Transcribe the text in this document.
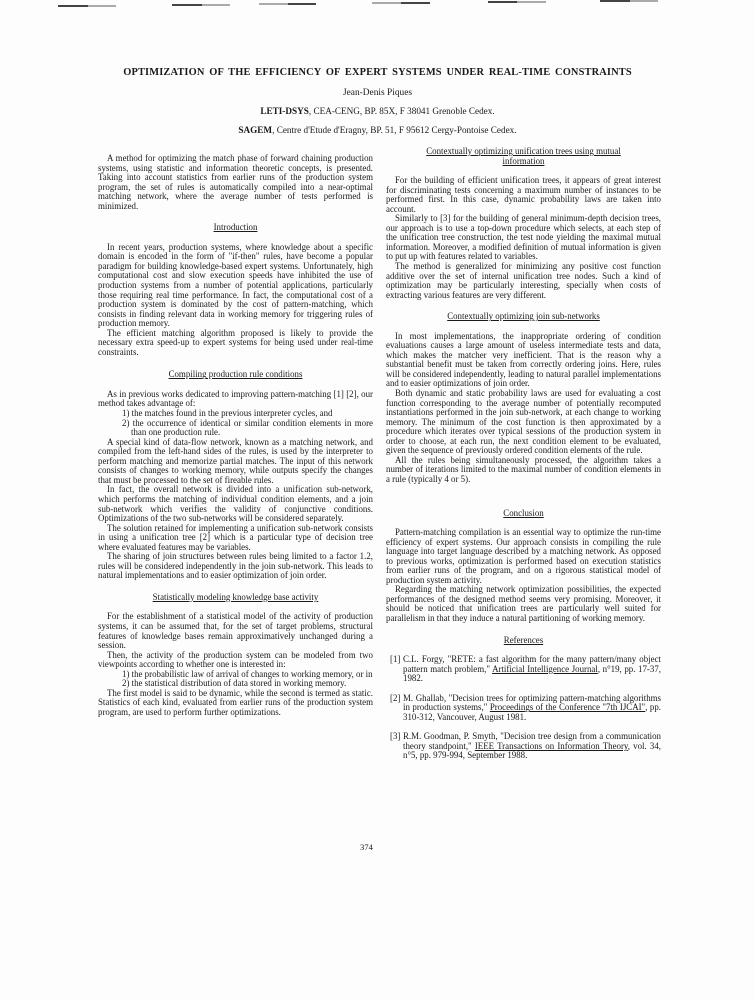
OPTIMIZATION OF THE EFFICIENCY OF EXPERT SYSTEMS UNDER REAL-TIME CONSTRAINTS
Jean-Denis Piques
LETI-DSYS, CEA-CENG, BP. 85X, F 38041 Grenoble Cedex.
SAGEM, Centre d'Etude d'Eragny, BP. 51, F 95612 Cergy-Pontoise Cedex.

A method for optimizing the match phase of forward chaining production systems, using statistic and information theoretic concepts, is presented. Taking into account statistics from earlier runs of the production system program, the set of rules is automatically compiled into a near-optimal matching network, where the average number of tests performed is minimized.

Introduction

In recent years, production systems, where knowledge about a specific domain is encoded in the form of "if-then" rules, have become a popular paradigm for building knowledge-based expert systems. Unfortunately, high computational cost and slow execution speeds have inhibited the use of production systems from a number of potential applications, particularly those requiring real time performance. In fact, the computational cost of a production system is dominated by the cost of pattern-matching, which consists in finding relevant data in working memory for triggering rules of production memory.

The efficient matching algorithm proposed is likely to provide the necessary extra speed-up to expert systems for being used under real-time constraints.

Compiling production rule conditions

As in previous works dedicated to improving pattern-matching [1] [2], our method takes advantage of:

1) the matches found in the previous interpreter cycles, and

2) the occurrence of identical or similar condition elements in more than one production rule.

A special kind of data-flow network, known as a matching network, and compiled from the left-hand sides of the rules, is used by the interpreter to perform matching and memorize partial matches. The input of this network consists of changes to working memory, while outputs specify the changes that must be processed to the set of fireable rules.

In fact, the overall network is divided into a unification sub-network, which performs the matching of individual condition elements, and a join sub-network which verifies the validity of conjunctive conditions. Optimizations of the two sub-networks will be considered separately.

The solution retained for implementing a unification sub-network consists in using a unification tree [2] which is a particular type of decision tree where evaluated features may be variables.

The sharing of join structures between rules being limited to a factor 1.2, rules will be considered independently in the join sub-network. This leads to natural implementations and to easier optimization of join order.

Statistically modeling knowledge base activity

For the establishment of a statistical model of the activity of production systems, it can be assumed that, for the set of target problems, structural features of knowledge bases remain approximatively unchanged during a session.

Then, the activity of the production system can be modeled from two viewpoints according to whether one is interested in:

1) the probabilistic law of arrival of changes to working memory, or in

2) the statistical distribution of data stored in working memory.

The first model is said to be dynamic, while the second is termed as static. Statistics of each kind, evaluated from earlier runs of the production system program, are used to perform further optimizations.

Contextually optimizing unification trees using mutual information

For the building of efficient unification trees, it appears of great interest for discriminating tests concerning a maximum number of instances to be performed first. In this case, dynamic probability laws are taken into account.

Similarly to [3] for the building of general minimum-depth decision trees, our approach is to use a top-down procedure which selects, at each step of the unification tree construction, the test node yielding the maximal mutual information. Moreover, a modified definition of mutual information is given to put up with features related to variables.

The method is generalized for minimizing any positive cost function additive over the set of internal unification tree nodes. Such a kind of optimization may be particularly interesting, specially when costs of extracting various features are very different.

Contextually optimizing join sub-networks

In most implementations, the inappropriate ordering of condition evaluations causes a large amount of useless intermediate tests and data, which makes the matcher very inefficient. That is the reason why a substantial benefit must be taken from correctly ordering joins. Here, rules will be considered independently, leading to natural parallel implementations and to easier optimizations of join order.

Both dynamic and static probability laws are used for evaluating a cost function corresponding to the average number of potentially recomputed instantiations performed in the join sub-network, at each change to working memory. The minimum of the cost function is then approximated by a procedure which iterates over typical sessions of the production system in order to choose, at each run, the next condition element to be evaluated, given the sequence of previously ordered condition elements of the rule.

All the rules being simultaneously processed, the algorithm takes a number of iterations limited to the maximal number of condition elements in a rule (typically 4 or 5).

Conclusion

Pattern-matching compilation is an essential way to optimize the run-time efficiency of expert systems. Our approach consists in compiling the rule language into target language described by a matching network. As opposed to previous works, optimization is performed based on execution statistics from earlier runs of the program, and on a rigorous statistical model of production system activity.

Regarding the matching network optimization possibilities, the expected performances of the designed method seems very promising. Moreover, it should be noticed that unification trees are particularly well suited for parallelism in that they induce a natural partitioning of working memory.

References
[1] C.L. Forgy, "RETE: a fast algorithm for the many pattern/many object pattern match problem," Artificial Intelligence Journal, n°19, pp. 17-37, 1982.
[2] M. Ghallab, "Decision trees for optimizing pattern-matching algorithms in production systems," Proceedings of the Conference "7th IJCAI", pp. 310-312, Vancouver, August 1981.
[3] R.M. Goodman, P. Smyth, "Decision tree design from a communication theory standpoint," IEEE Transactions on Information Theory, vol. 34, n°5, pp. 979-994, September 1988.
374
